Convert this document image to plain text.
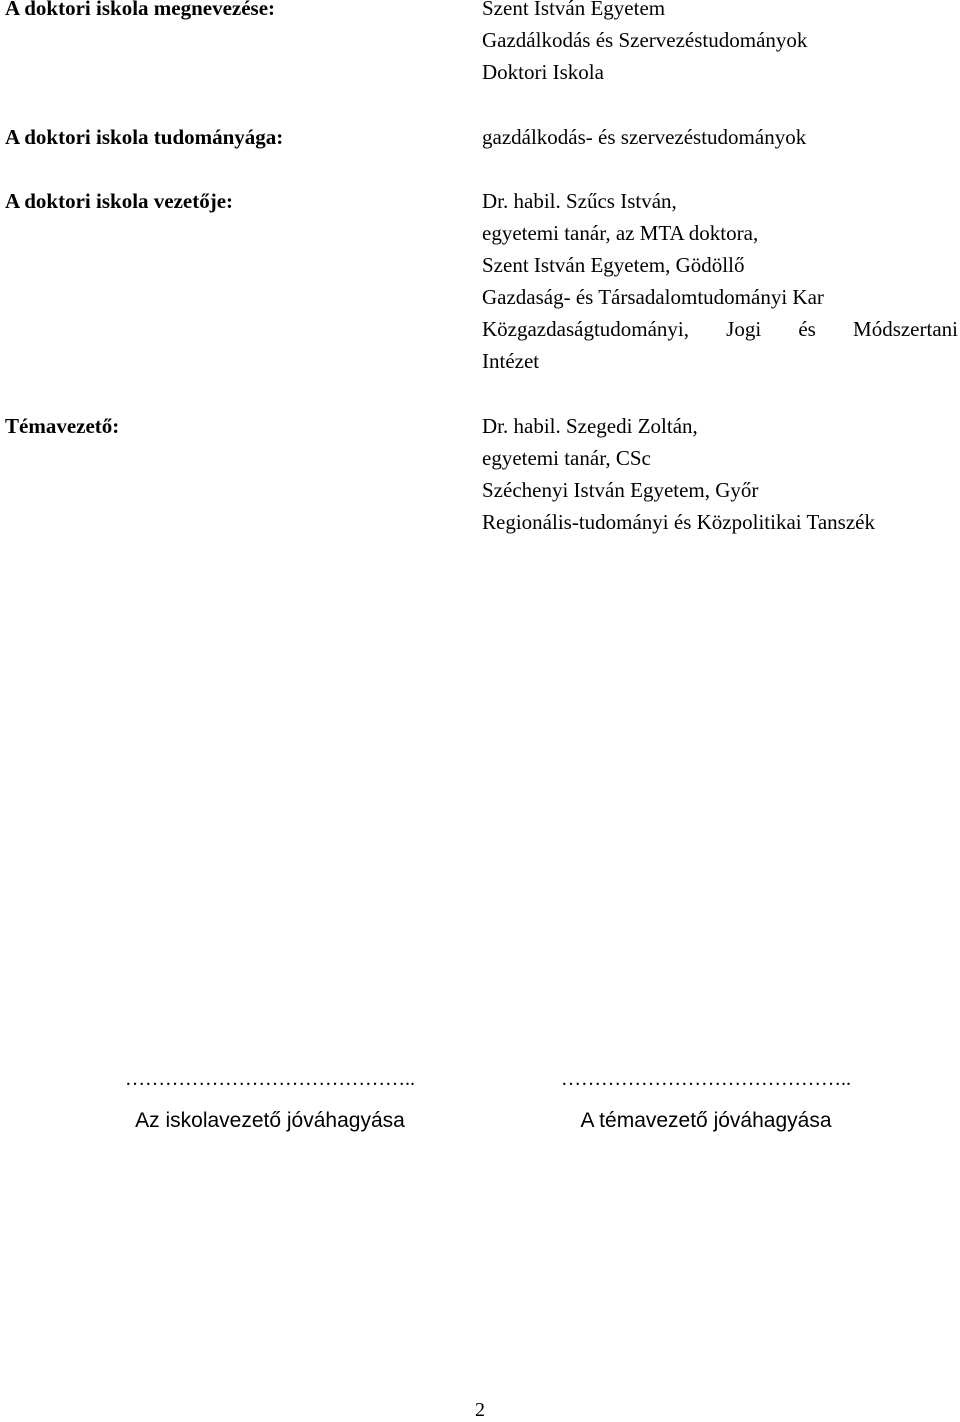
A doktori iskola megnevezése:	Szent István Egyetem
Gazdálkodás és Szervezéstudományok
Doktori Iskola
A doktori iskola tudományága:	gazdálkodás- és szervezéstudományok
A doktori iskola vezetője:	Dr. habil. Szűcs István,
egyetemi tanár, az MTA doktora,
Szent István Egyetem, Gödöllő
Gazdaság- és Társadalomtudományi Kar
Közgazdaságtudományi, Jogi és Módszertani
Intézet
Témavezető:	Dr. habil. Szegedi Zoltán,
egyetemi tanár, CSc
Széchenyi István Egyetem, Győr
Regionális-tudományi és Közpolitikai Tanszék
……………………………………..
Az iskolavezető jóváhagyása
……………………………………..
A témavezető jóváhagyása
2
